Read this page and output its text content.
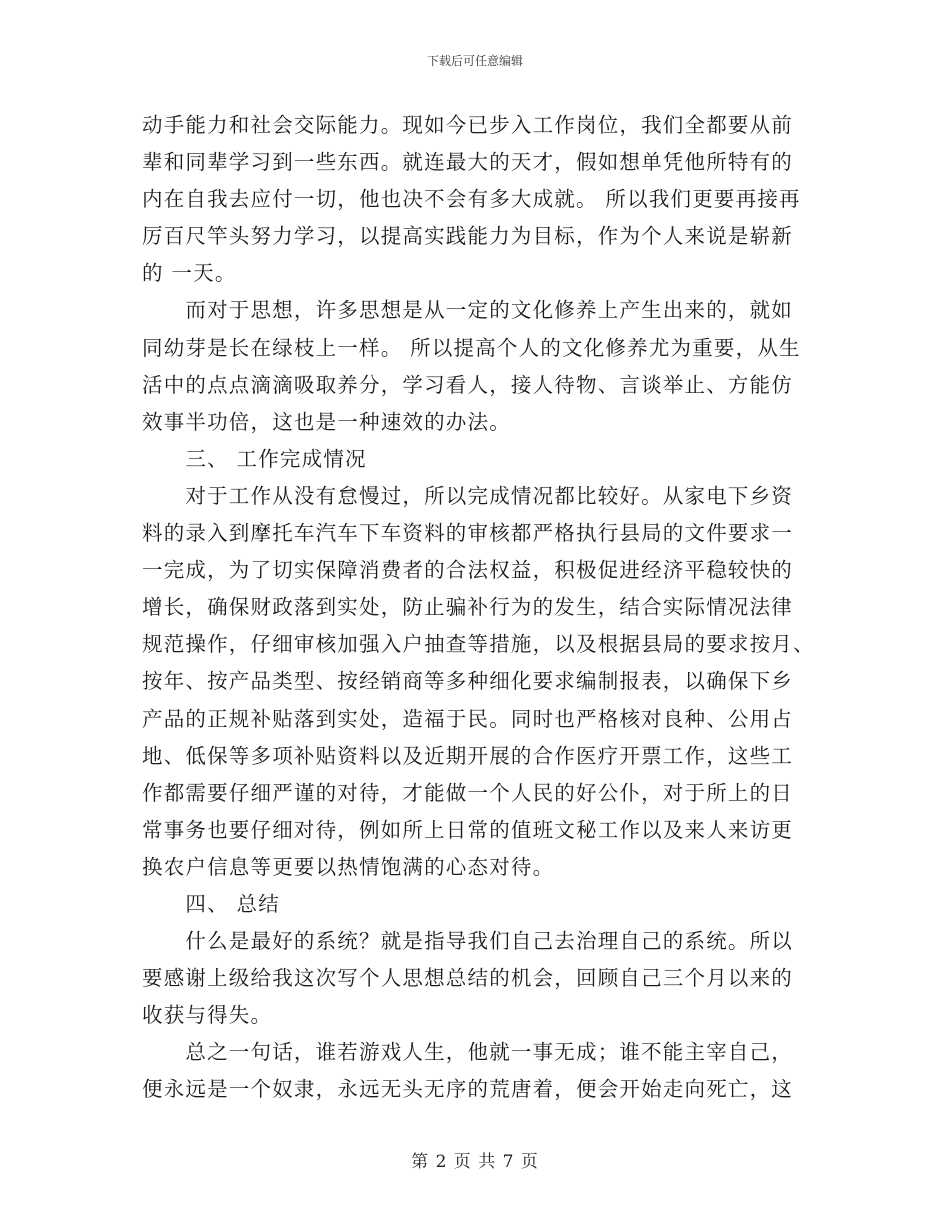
下载后可任意编辑
动手能力和社会交际能力。现如今已步入工作岗位，我们全都要从前
辈和同辈学习到一些东西。就连最大的天才，假如想单凭他所特有的
内在自我去应付一切，他也决不会有多大成就。 所以我们更要再接再
厉百尺竿头努力学习，以提高实践能力为目标，作为个人来说是崭新
的 一天。
　　而对于思想，许多思想是从一定的文化修养上产生出来的，就如
同幼芽是长在绿枝上一样。 所以提高个人的文化修养尤为重要，从生
活中的点点滴滴吸取养分，学习看人，接人待物、言谈举止、方能仿
效事半功倍，这也是一种速效的办法。
　　三、 工作完成情况
　　对于工作从没有怠慢过，所以完成情况都比较好。从家电下乡资
料的录入到摩托车汽车下车资料的审核都严格执行县局的文件要求一
一完成，为了切实保障消费者的合法权益，积极促进经济平稳较快的
增长，确保财政落到实处，防止骗补行为的发生，结合实际情况法律
规范操作，仔细审核加强入户抽查等措施，以及根据县局的要求按月、
按年、按产品类型、按经销商等多种细化要求编制报表，以确保下乡
产品的正规补贴落到实处，造福于民。同时也严格核对良种、公用占
地、低保等多项补贴资料以及近期开展的合作医疗开票工作，这些工
作都需要仔细严谨的对待，才能做一个人民的好公仆，对于所上的日
常事务也要仔细对待，例如所上日常的值班文秘工作以及来人来访更
换农户信息等更要以热情饱满的心态对待。
　　四、 总结
　　什么是最好的系统？就是指导我们自己去治理自己的系统。所以
要感谢上级给我这次写个人思想总结的机会，回顾自己三个月以来的
收获与得失。
　　总之一句话，谁若游戏人生，他就一事无成；谁不能主宰自己，
便永远是一个奴隶，永远无头无序的荒唐着，便会开始走向死亡，这
第 2 页 共 7 页
